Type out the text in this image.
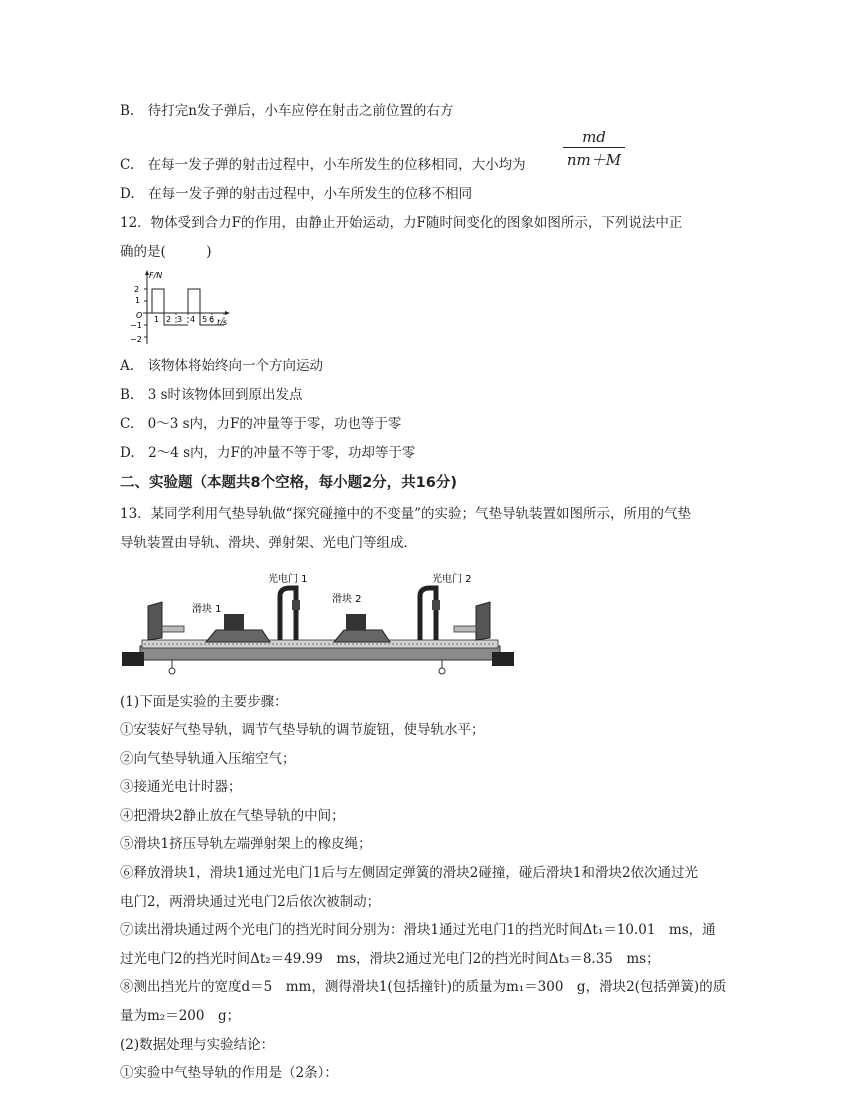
B.　待打完n发子弹后，小车应停在射击之前位置的右方
C.　在每一发子弹的射击过程中，小车所发生的位移相同，大小均为
D.　在每一发子弹的射击过程中，小车所发生的位移不相同
12．物体受到合力F的作用，由静止开始运动，力F随时间变化的图象如图所示，下列说法中正
确的是(　　　)
A.　该物体将始终向一个方向运动
B.　3 s时该物体回到原出发点
C.　0～3 s内，力F的冲量等于零，功也等于零
D.　2～4 s内，力F的冲量不等于零，功却等于零
二、实验题（本题共8个空格，每小题2分，共16分)
13．某同学利用气垫导轨做“探究碰撞中的不变量”的实验；气垫导轨装置如图所示，所用的气垫
导轨装置由导轨、滑块、弹射架、光电门等组成．
(1)下面是实验的主要步骤：
①安装好气垫导轨，调节气垫导轨的调节旋钮，使导轨水平；
②向气垫导轨通入压缩空气；
③接通光电计时器；
④把滑块2静止放在气垫导轨的中间；
⑤滑块1挤压导轨左端弹射架上的橡皮绳；
⑥释放滑块1，滑块1通过光电门1后与左侧固定弹簧的滑块2碰撞，碰后滑块1和滑块2依次通过光
电门2，两滑块通过光电门2后依次被制动；
⑦读出滑块通过两个光电门的挡光时间分别为：滑块1通过光电门1的挡光时间Δt₁＝10.01　ms，通
过光电门2的挡光时间Δt₂＝49.99　ms，滑块2通过光电门2的挡光时间Δt₃＝8.35　ms；
⑧测出挡光片的宽度d＝5　mm，测得滑块1(包括撞针)的质量为m₁＝300　g，滑块2(包括弹簧)的质
量为m₂＝200　g；
(2)数据处理与实验结论：
①实验中气垫导轨的作用是（2条）：
$\frac{md}{nm+M}$
F/N
t/s
O
2
1
−1
−2
1 2 3 4 5 6
光电门 1	光电门 2
滑块 1
滑块 2
